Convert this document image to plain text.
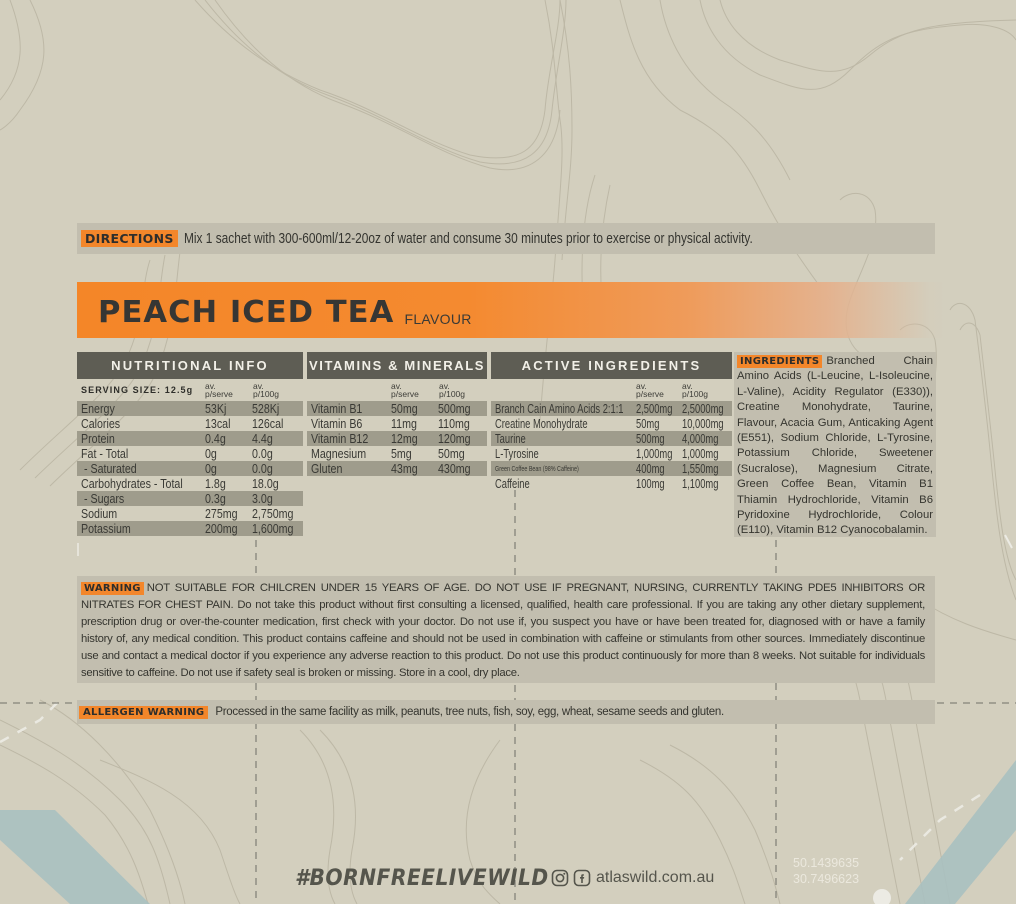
DIRECTIONS Mix 1 sachet with 300-600ml/12-20oz of water and consume 30 minutes prior to exercise or physical activity.
PEACH ICED TEA FLAVOUR
NUTRITIONAL INFO
SERVING SIZE: 12.5g av.
p/serve
av.
p/100g
Energy	53Kj 528Kj
Calories	13cal 126cal
Protein	0.4g 4.4g
Fat - Total	0g	0.0g
- Saturated	0g	0.0g
Carbohydrates - Total 1.8g 18.0g
- Sugars	0.3g 3.0g
Sodium	275mg 2,750mg
Potassium	200mg 1,600mg
VITAMINS & MINERALS
av.
p/serve
av.
p/100g
Vitamin B1 50mg 500mg
Vitamin B6 11mg 110mg
Vitamin B12 12mg 120mg
Magnesium 5mg 50mg
Gluten	43mg 430mg
ACTIVE INGREDIENTS
av.
p/serve
av.
p/100g
Branch Cain Amino Acids 2:1:1 2,500mg 2,5000mg
Creatine Monohydrate	50mg 10,000mg
Taurine	500mg 4,000mg
L-Tyrosine	1,000mg 1,000mg
Green Coffee Bean (98% Caffeine)	400mg 1,550mg
Caffeine	100mg 1,100mg
INGREDIENTS Branched Chain Amino Acids (L-Leucine, L-Isoleucine, L-Valine), Acidity Regulator (E330)), Creatine Monohydrate, Taurine, Flavour, Acacia Gum, Anticaking Agent (E551), Sodium Chloride, L-Tyrosine, Potassium Chloride, Sweetener (Sucralose), Magnesium Citrate, Green Coffee Bean, Vitamin B1 Thiamin Hydrochloride, Vitamin B6 Pyridoxine Hydrochloride, Colour (E110), Vitamin B12 Cyanocobalamin.
WARNING NOT SUITABLE FOR CHILCREN UNDER 15 YEARS OF AGE. DO NOT USE IF PREGNANT, NURSING, CURRENTLY TAKING PDE5 INHIBITORS OR NITRATES FOR CHEST PAIN. Do not take this product without first consulting a licensed, qualified, health care professional. If you are taking any other dietary supplement, prescription drug or over-the-counter medication, first check with your doctor. Do not use if, you suspect you have or have been treated for, diagnosed with or have a family history of, any medical condition. This product contains caffeine and should not be used in combination with caffeine or stimulants from other sources. Immediately discontinue use and contact a medical doctor if you experience any adverse reaction to this product. Do not use this product continuously for more than 8 weeks. Not suitable for individuals sensitive to caffeine. Do not use if safety seal is broken or missing. Store in a cool, dry place.
ALLERGEN WARNING Processed in the same facility as milk, peanuts, tree nuts, fish, soy, egg, wheat, sesame seeds and gluten.
#BORNFREELIVEWILD	atlaswild.com.au
50.1439635
30.7496623
